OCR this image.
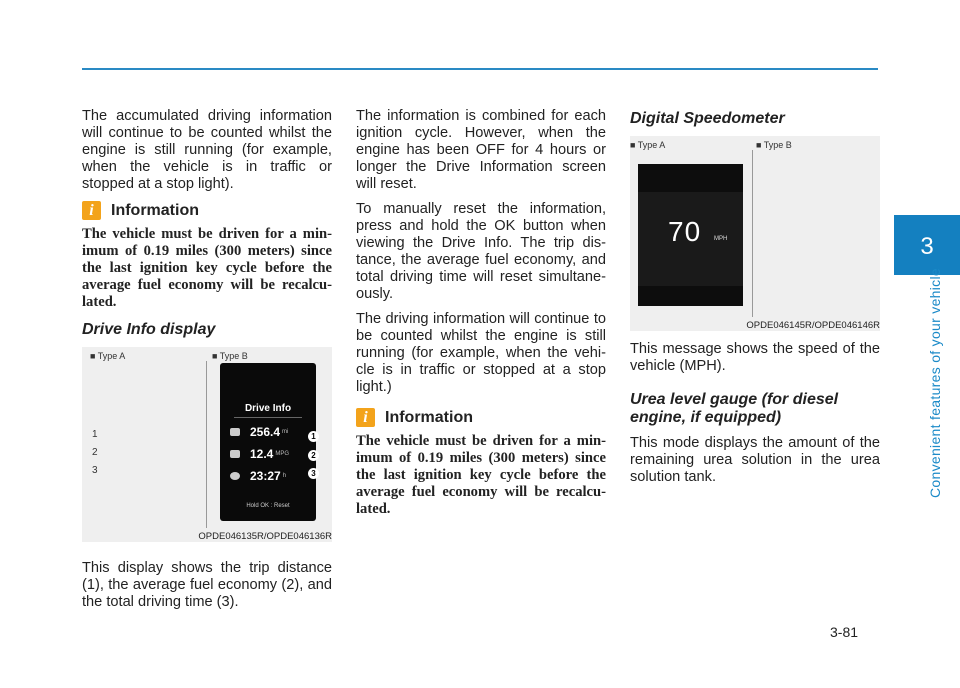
3
Convenient features of your vehicle

The accumulated driving information will continue to be counted whilst the engine is still running (for example, when the vehicle is in traffic or stopped at a stop light).

i	Information
The vehicle must be driven for a min-imum of 0.19 miles (300 meters) since the last ignition key cycle before the average fuel economy will be recalcu-lated.
Drive Info display
■ Type A	■ Type B
1
2
3
Drive Info
256.4 mi
12.4 MPG
23:27 h
Hold OK : Reset
1
2
3
OPDE046135R/OPDE046136R

This display shows the trip distance (1), the average fuel economy (2), and the total driving time (3).

The information is combined for each ignition cycle. However, when the engine has been OFF for 4 hours or longer the Drive Information screen will reset.

To manually reset the information, press and hold the OK button when viewing the Drive Info. The trip dis-tance, the average fuel economy, and total driving time will reset simultane-ously.

The driving information will continue to be counted whilst the engine is still running (for example, when the vehi-cle is in traffic or stopped at a stop light.)

i	Information
The vehicle must be driven for a min-imum of 0.19 miles (300 meters) since the last ignition key cycle before the average fuel economy will be recalcu-lated.
Digital Speedometer
■ Type A	■ Type B
70 MPH
OPDE046145R/OPDE046146R

This message shows the speed of the vehicle (MPH).

Urea level gauge (for diesel engine, if equipped)

This mode displays the amount of the remaining urea solution in the urea solution tank.

3-81
